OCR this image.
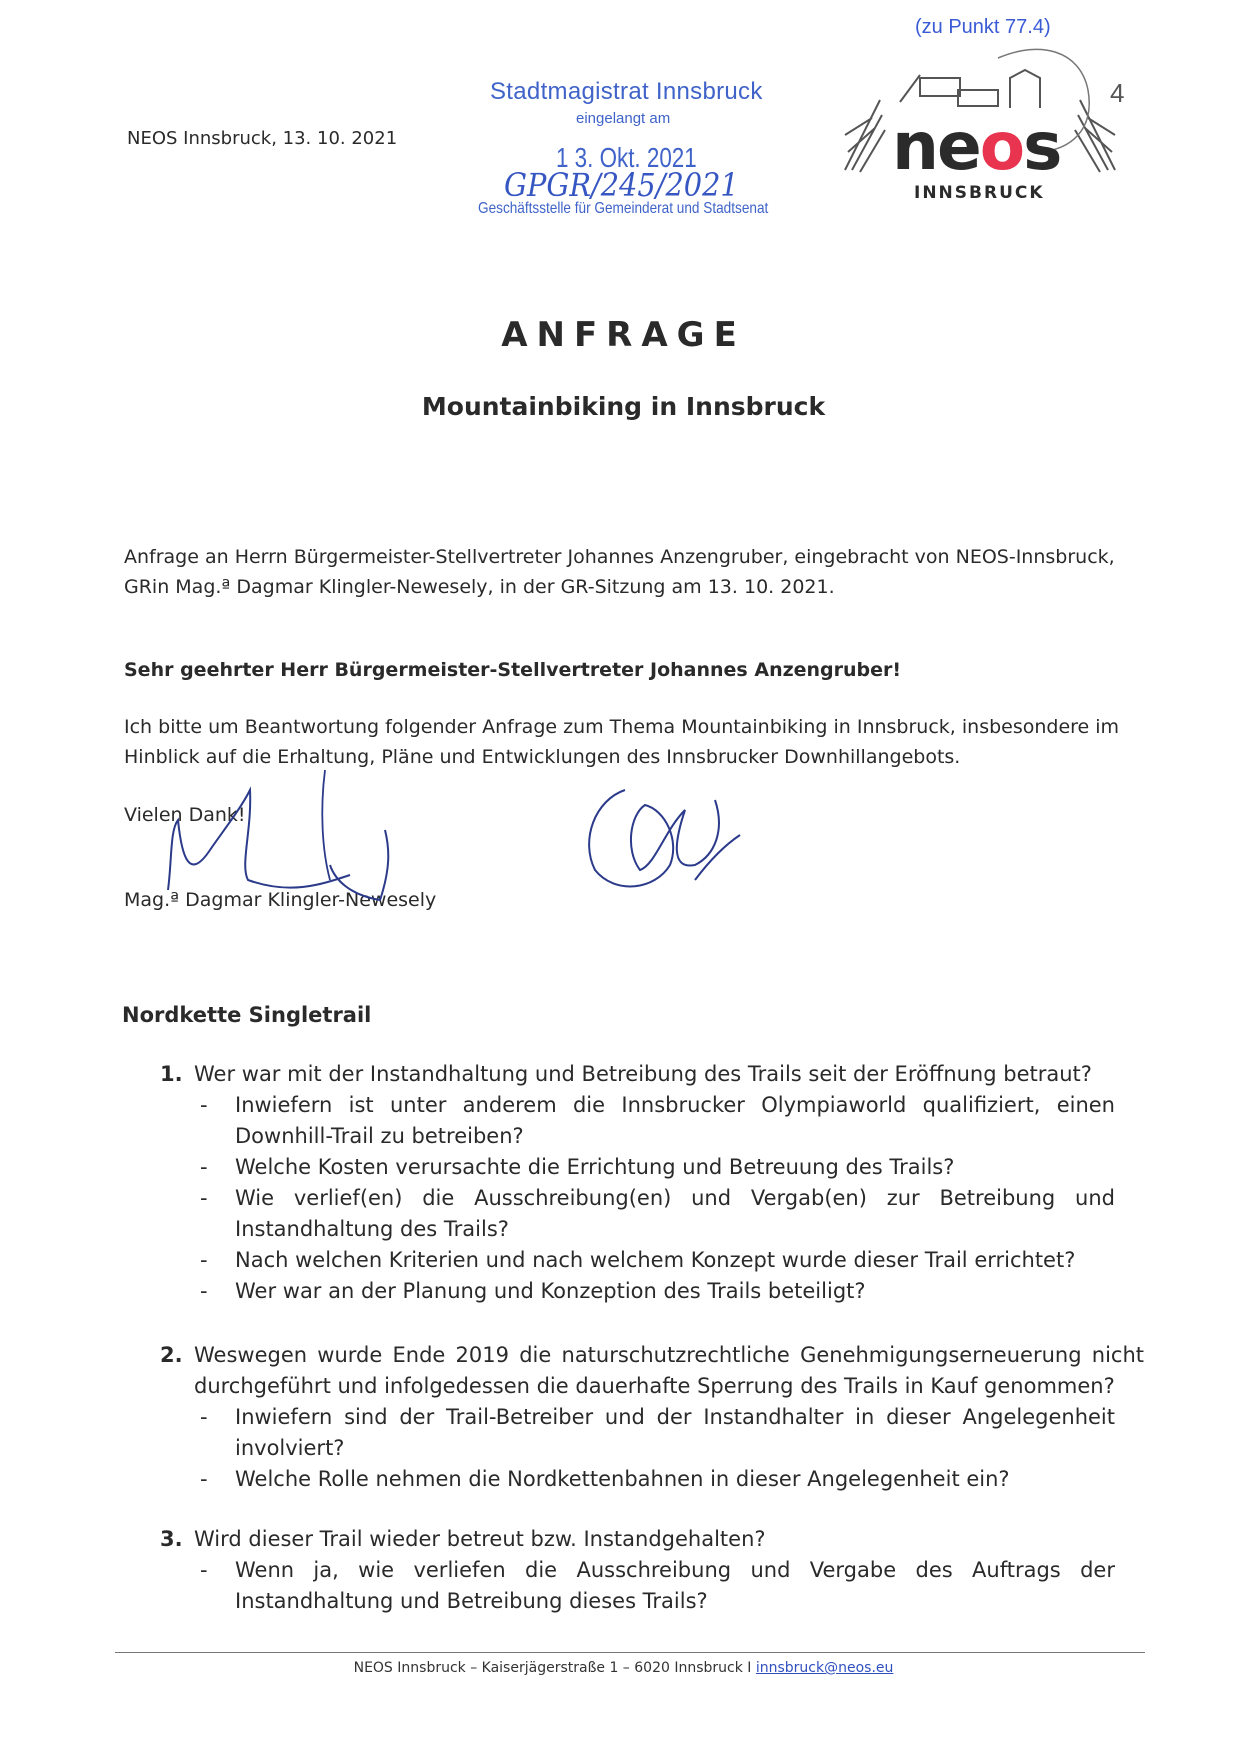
(zu Punkt 77.4)
NEOS Innsbruck, 13. 10. 2021
Stadtmagistrat Innsbruck
eingelangt am
1 3. Okt. 2021
GPGR/245/2021
Geschäftsstelle für Gemeinderat und Stadtsenat
neos
INNSBRUCK
4
ANFRAGE
Mountainbiking in Innsbruck
Anfrage an Herrn Bürgermeister-Stellvertreter Johannes Anzengruber, eingebracht von NEOS-Innsbruck, GRin Mag.ª Dagmar Klingler-Newesely, in der GR-Sitzung am 13. 10. 2021.
Sehr geehrter Herr Bürgermeister-Stellvertreter Johannes Anzengruber!
Ich bitte um Beantwortung folgender Anfrage zum Thema Mountainbiking in Innsbruck, insbesondere im Hinblick auf die Erhaltung, Pläne und Entwicklungen des Innsbrucker Downhillangebots.
Vielen Dank!
Mag.ª Dagmar Klingler-Newesely
Nordkette Singletrail
1. Wer war mit der Instandhaltung und Betreibung des Trails seit der Eröffnung betraut?
- Inwiefern ist unter anderem die Innsbrucker Olympiaworld qualifiziert, einen Downhill-Trail zu betreiben?
- Welche Kosten verursachte die Errichtung und Betreuung des Trails?
- Wie verlief(en) die Ausschreibung(en) und Vergab(en) zur Betreibung und Instandhaltung des Trails?
- Nach welchen Kriterien und nach welchem Konzept wurde dieser Trail errichtet?
- Wer war an der Planung und Konzeption des Trails beteiligt?
2. Weswegen wurde Ende 2019 die naturschutzrechtliche Genehmigungserneuerung nicht durchgeführt und infolgedessen die dauerhafte Sperrung des Trails in Kauf genommen?
- Inwiefern sind der Trail-Betreiber und der Instandhalter in dieser Angelegenheit involviert?
- Welche Rolle nehmen die Nordkettenbahnen in dieser Angelegenheit ein?
3. Wird dieser Trail wieder betreut bzw. Instandgehalten?
- Wenn ja, wie verliefen die Ausschreibung und Vergabe des Auftrags der Instandhaltung und Betreibung dieses Trails?
NEOS Innsbruck – Kaiserjägerstraße 1 – 6020 Innsbruck I innsbruck@neos.eu
